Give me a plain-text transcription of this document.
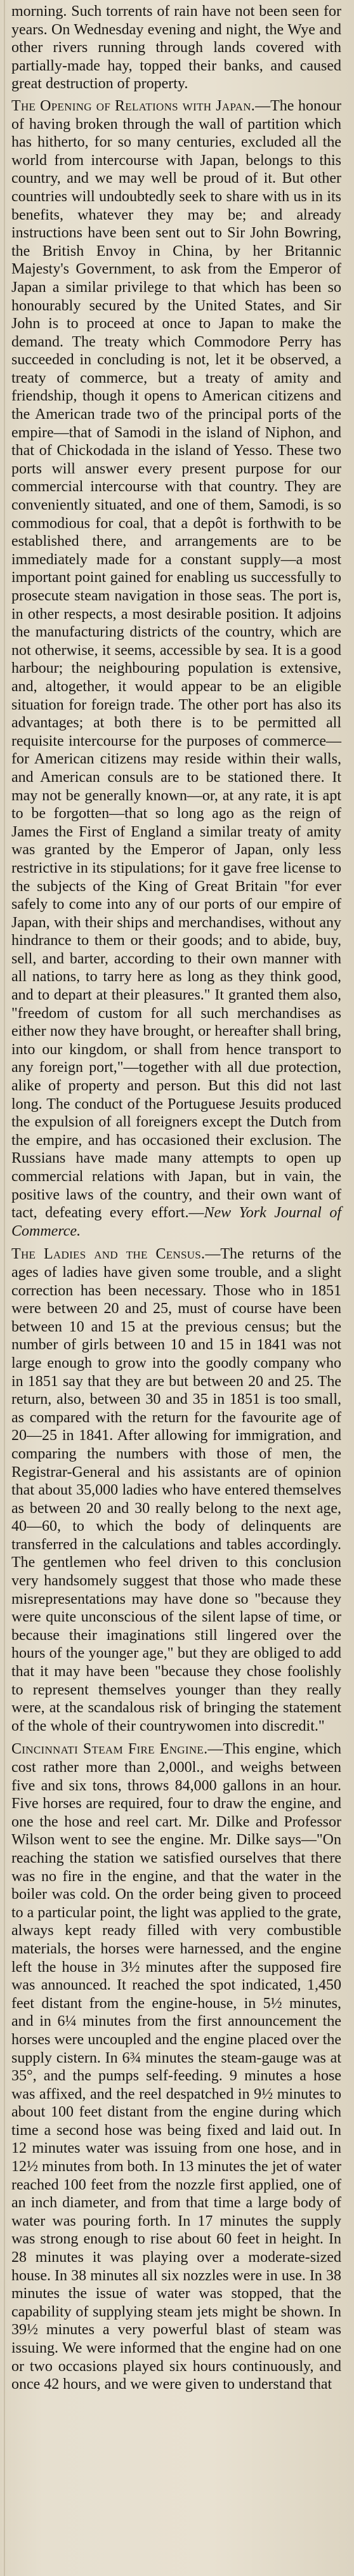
morning. Such torrents of rain have not been seen for years. On Wednesday evening and night, the Wye and other rivers running through lands covered with partially-made hay, topped their banks, and caused great destruction of property.

The Opening of Relations with Japan.—The honour of having broken through the wall of partition which has hitherto, for so many centuries, excluded all the world from intercourse with Japan, belongs to this country, and we may well be proud of it. But other countries will undoubtedly seek to share with us in its benefits, whatever they may be; and already instructions have been sent out to Sir John Bowring, the British Envoy in China, by her Britannic Majesty's Government, to ask from the Emperor of Japan a similar privilege to that which has been so honourably secured by the United States, and Sir John is to proceed at once to Japan to make the demand. The treaty which Commodore Perry has succeeded in concluding is not, let it be observed, a treaty of commerce, but a treaty of amity and friendship, though it opens to American citizens and the American trade two of the principal ports of the empire—that of Samodi in the island of Niphon, and that of Chickodada in the island of Yesso. These two ports will answer every present purpose for our commercial intercourse with that country. They are conveniently situated, and one of them, Samodi, is so commodious for coal, that a depôt is forthwith to be established there, and arrangements are to be immediately made for a constant supply—a most important point gained for enabling us successfully to prosecute steam navigation in those seas. The port is, in other respects, a most desirable position. It adjoins the manufacturing districts of the country, which are not otherwise, it seems, accessible by sea. It is a good harbour; the neighbouring population is extensive, and, altogether, it would appear to be an eligible situation for foreign trade. The other port has also its advantages; at both there is to be permitted all requisite intercourse for the purposes of commerce—for American citizens may reside within their walls, and American consuls are to be stationed there. It may not be generally known—or, at any rate, it is apt to be forgotten—that so long ago as the reign of James the First of England a similar treaty of amity was granted by the Emperor of Japan, only less restrictive in its stipulations; for it gave free license to the subjects of the King of Great Britain "for ever safely to come into any of our ports of our empire of Japan, with their ships and merchandises, without any hindrance to them or their goods; and to abide, buy, sell, and barter, according to their own manner with all nations, to tarry here as long as they think good, and to depart at their pleasures." It granted them also, "freedom of custom for all such merchandises as either now they have brought, or hereafter shall bring, into our kingdom, or shall from hence transport to any foreign port,"—together with all due protection, alike of property and person. But this did not last long. The conduct of the Portuguese Jesuits produced the expulsion of all foreigners except the Dutch from the empire, and has occasioned their exclusion. The Russians have made many attempts to open up commercial relations with Japan, but in vain, the positive laws of the country, and their own want of tact, defeating every effort.—New York Journal of Commerce.

The Ladies and the Census.—The returns of the ages of ladies have given some trouble, and a slight correction has been necessary. Those who in 1851 were between 20 and 25, must of course have been between 10 and 15 at the previous census; but the number of girls between 10 and 15 in 1841 was not large enough to grow into the goodly company who in 1851 say that they are but between 20 and 25. The return, also, between 30 and 35 in 1851 is too small, as compared with the return for the favourite age of 20—25 in 1841. After allowing for immigration, and comparing the numbers with those of men, the Registrar-General and his assistants are of opinion that about 35,000 ladies who have entered themselves as between 20 and 30 really belong to the next age, 40—60, to which the body of delinquents are transferred in the calculations and tables accordingly. The gentlemen who feel driven to this conclusion very handsomely suggest that those who made these misrepresentations may have done so "because they were quite unconscious of the silent lapse of time, or because their imaginations still lingered over the hours of the younger age," but they are obliged to add that it may have been "because they chose foolishly to represent themselves younger than they really were, at the scandalous risk of bringing the statement of the whole of their countrywomen into discredit."

Cincinnati Steam Fire Engine.—This engine, which cost rather more than 2,000l., and weighs between five and six tons, throws 84,000 gallons in an hour. Five horses are required, four to draw the engine, and one the hose and reel cart. Mr. Dilke and Professor Wilson went to see the engine. Mr. Dilke says—"On reaching the station we satisfied ourselves that there was no fire in the engine, and that the water in the boiler was cold. On the order being given to proceed to a particular point, the light was applied to the grate, always kept ready filled with very combustible materials, the horses were harnessed, and the engine left the house in 3½ minutes after the supposed fire was announced. It reached the spot indicated, 1,450 feet distant from the engine-house, in 5½ minutes, and in 6¼ minutes from the first announcement the horses were uncoupled and the engine placed over the supply cistern. In 6¾ minutes the steam-gauge was at 35°, and the pumps self-feeding. 9 minutes a hose was affixed, and the reel despatched in 9½ minutes to about 100 feet distant from the engine during which time a second hose was being fixed and laid out. In 12 minutes water was issuing from one hose, and in 12½ minutes from both. In 13 minutes the jet of water reached 100 feet from the nozzle first applied, one of an inch diameter, and from that time a large body of water was pouring forth. In 17 minutes the supply was strong enough to rise about 60 feet in height. In 28 minutes it was playing over a moderate-sized house. In 38 minutes all six nozzles were in use. In 38 minutes the issue of water was stopped, that the capability of supplying steam jets might be shown. In 39½ minutes a very powerful blast of steam was issuing. We were informed that the engine had on one or two occasions played six hours continuously, and once 42 hours, and we were given to understand that
